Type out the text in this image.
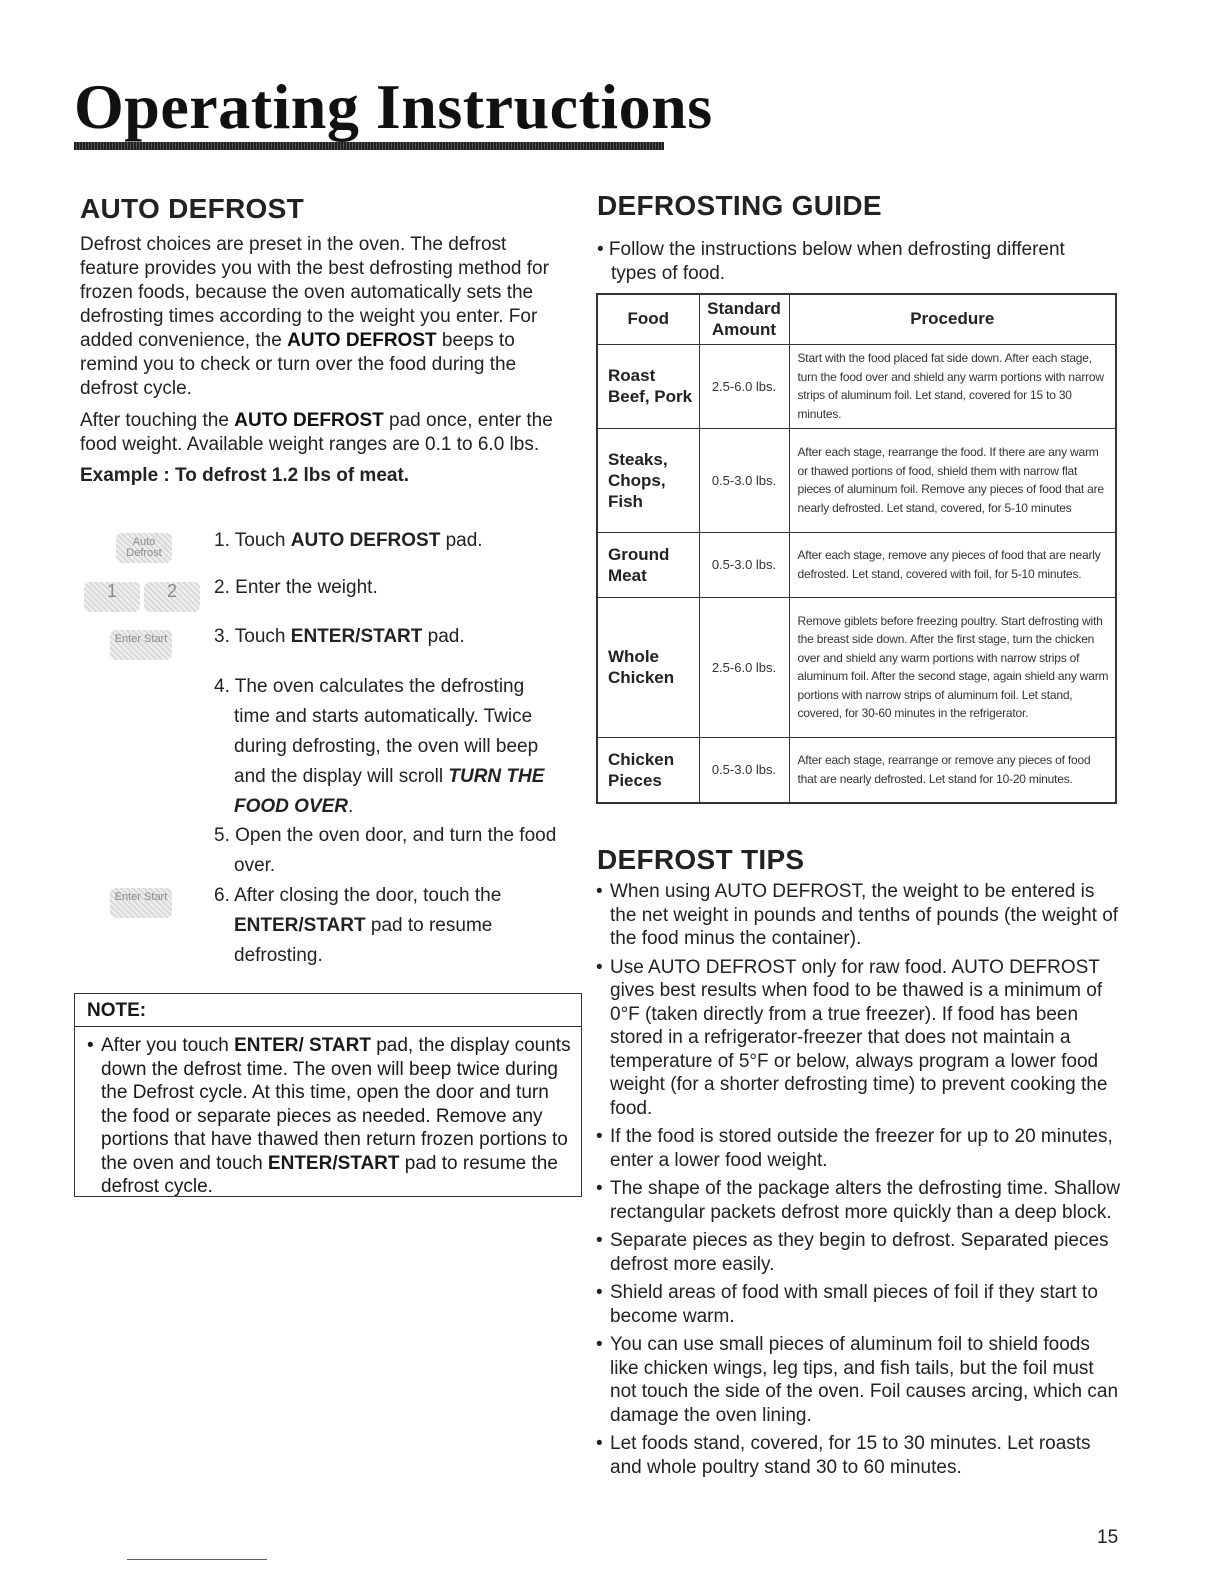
Operating Instructions
AUTO DEFROST
Defrost choices are preset in the oven. The defrost feature provides you with the best defrosting method for frozen foods, because the oven automatically sets the defrosting times according to the weight you enter. For added convenience, the AUTO DEFROST beeps to remind you to check or turn over the food during the defrost cycle.
After touching the AUTO DEFROST pad once, enter the food weight. Available weight ranges are 0.1 to 6.0 lbs.
Example : To defrost 1.2 lbs of meat.
Auto Defrost
1	2
Enter Start
Enter Start
1. Touch AUTO DEFROST pad.
2. Enter the weight.
3. Touch ENTER/START pad.
4. The oven calculates the defrosting time and starts automatically. Twice during defrosting, the oven will beep and the display will scroll TURN THE FOOD OVER.
5. Open the oven door, and turn the food over.
6. After closing the door, touch the ENTER/START pad to resume defrosting.
NOTE:
• After you touch ENTER/ START pad, the display counts down the defrost time. The oven will beep twice during the Defrost cycle. At this time, open the door and turn the food or separate pieces as needed. Remove any portions that have thawed then return frozen portions to the oven and touch ENTER/START pad to resume the defrost cycle.
DEFROSTING GUIDE
• Follow the instructions below when defrosting different types of food.
Food	Standard Amount	Procedure
Roast Beef, Pork	2.5-6.0 lbs.	Start with the food placed fat side down. After each stage, turn the food over and shield any warm portions with narrow strips of aluminum foil. Let stand, covered for 15 to 30 minutes.
Steaks, Chops, Fish	0.5-3.0 lbs.	After each stage, rearrange the food. If there are any warm or thawed portions of food, shield them with narrow flat pieces of aluminum foil. Remove any pieces of food that are nearly defrosted. Let stand, covered, for 5-10 minutes
Ground Meat	0.5-3.0 lbs.	After each stage, remove any pieces of food that are nearly defrosted. Let stand, covered with foil, for 5-10 minutes.
Whole Chicken	2.5-6.0 lbs.	Remove giblets before freezing poultry. Start defrosting with the breast side down. After the first stage, turn the chicken over and shield any warm portions with narrow strips of aluminum foil. After the second stage, again shield any warm portions with narrow strips of aluminum foil. Let stand, covered, for 30-60 minutes in the refrigerator.
Chicken Pieces	0.5-3.0 lbs.	After each stage, rearrange or remove any pieces of food that are nearly defrosted. Let stand for 10-20 minutes.
DEFROST TIPS
• When using AUTO DEFROST, the weight to be entered is the net weight in pounds and tenths of pounds (the weight of the food minus the container).
• Use AUTO DEFROST only for raw food. AUTO DEFROST gives best results when food to be thawed is a minimum of 0°F (taken directly from a true freezer). If food has been stored in a refrigerator-freezer that does not maintain a temperature of 5°F or below, always program a lower food weight (for a shorter defrosting time) to prevent cooking the food.
• If the food is stored outside the freezer for up to 20 minutes, enter a lower food weight.
• The shape of the package alters the defrosting time. Shallow rectangular packets defrost more quickly than a deep block.
• Separate pieces as they begin to defrost. Separated pieces defrost more easily.
• Shield areas of food with small pieces of foil if they start to become warm.
• You can use small pieces of aluminum foil to shield foods like chicken wings, leg tips, and fish tails, but the foil must not touch the side of the oven. Foil causes arcing, which can damage the oven lining.
• Let foods stand, covered, for 15 to 30 minutes. Let roasts and whole poultry stand 30 to 60 minutes.
15
